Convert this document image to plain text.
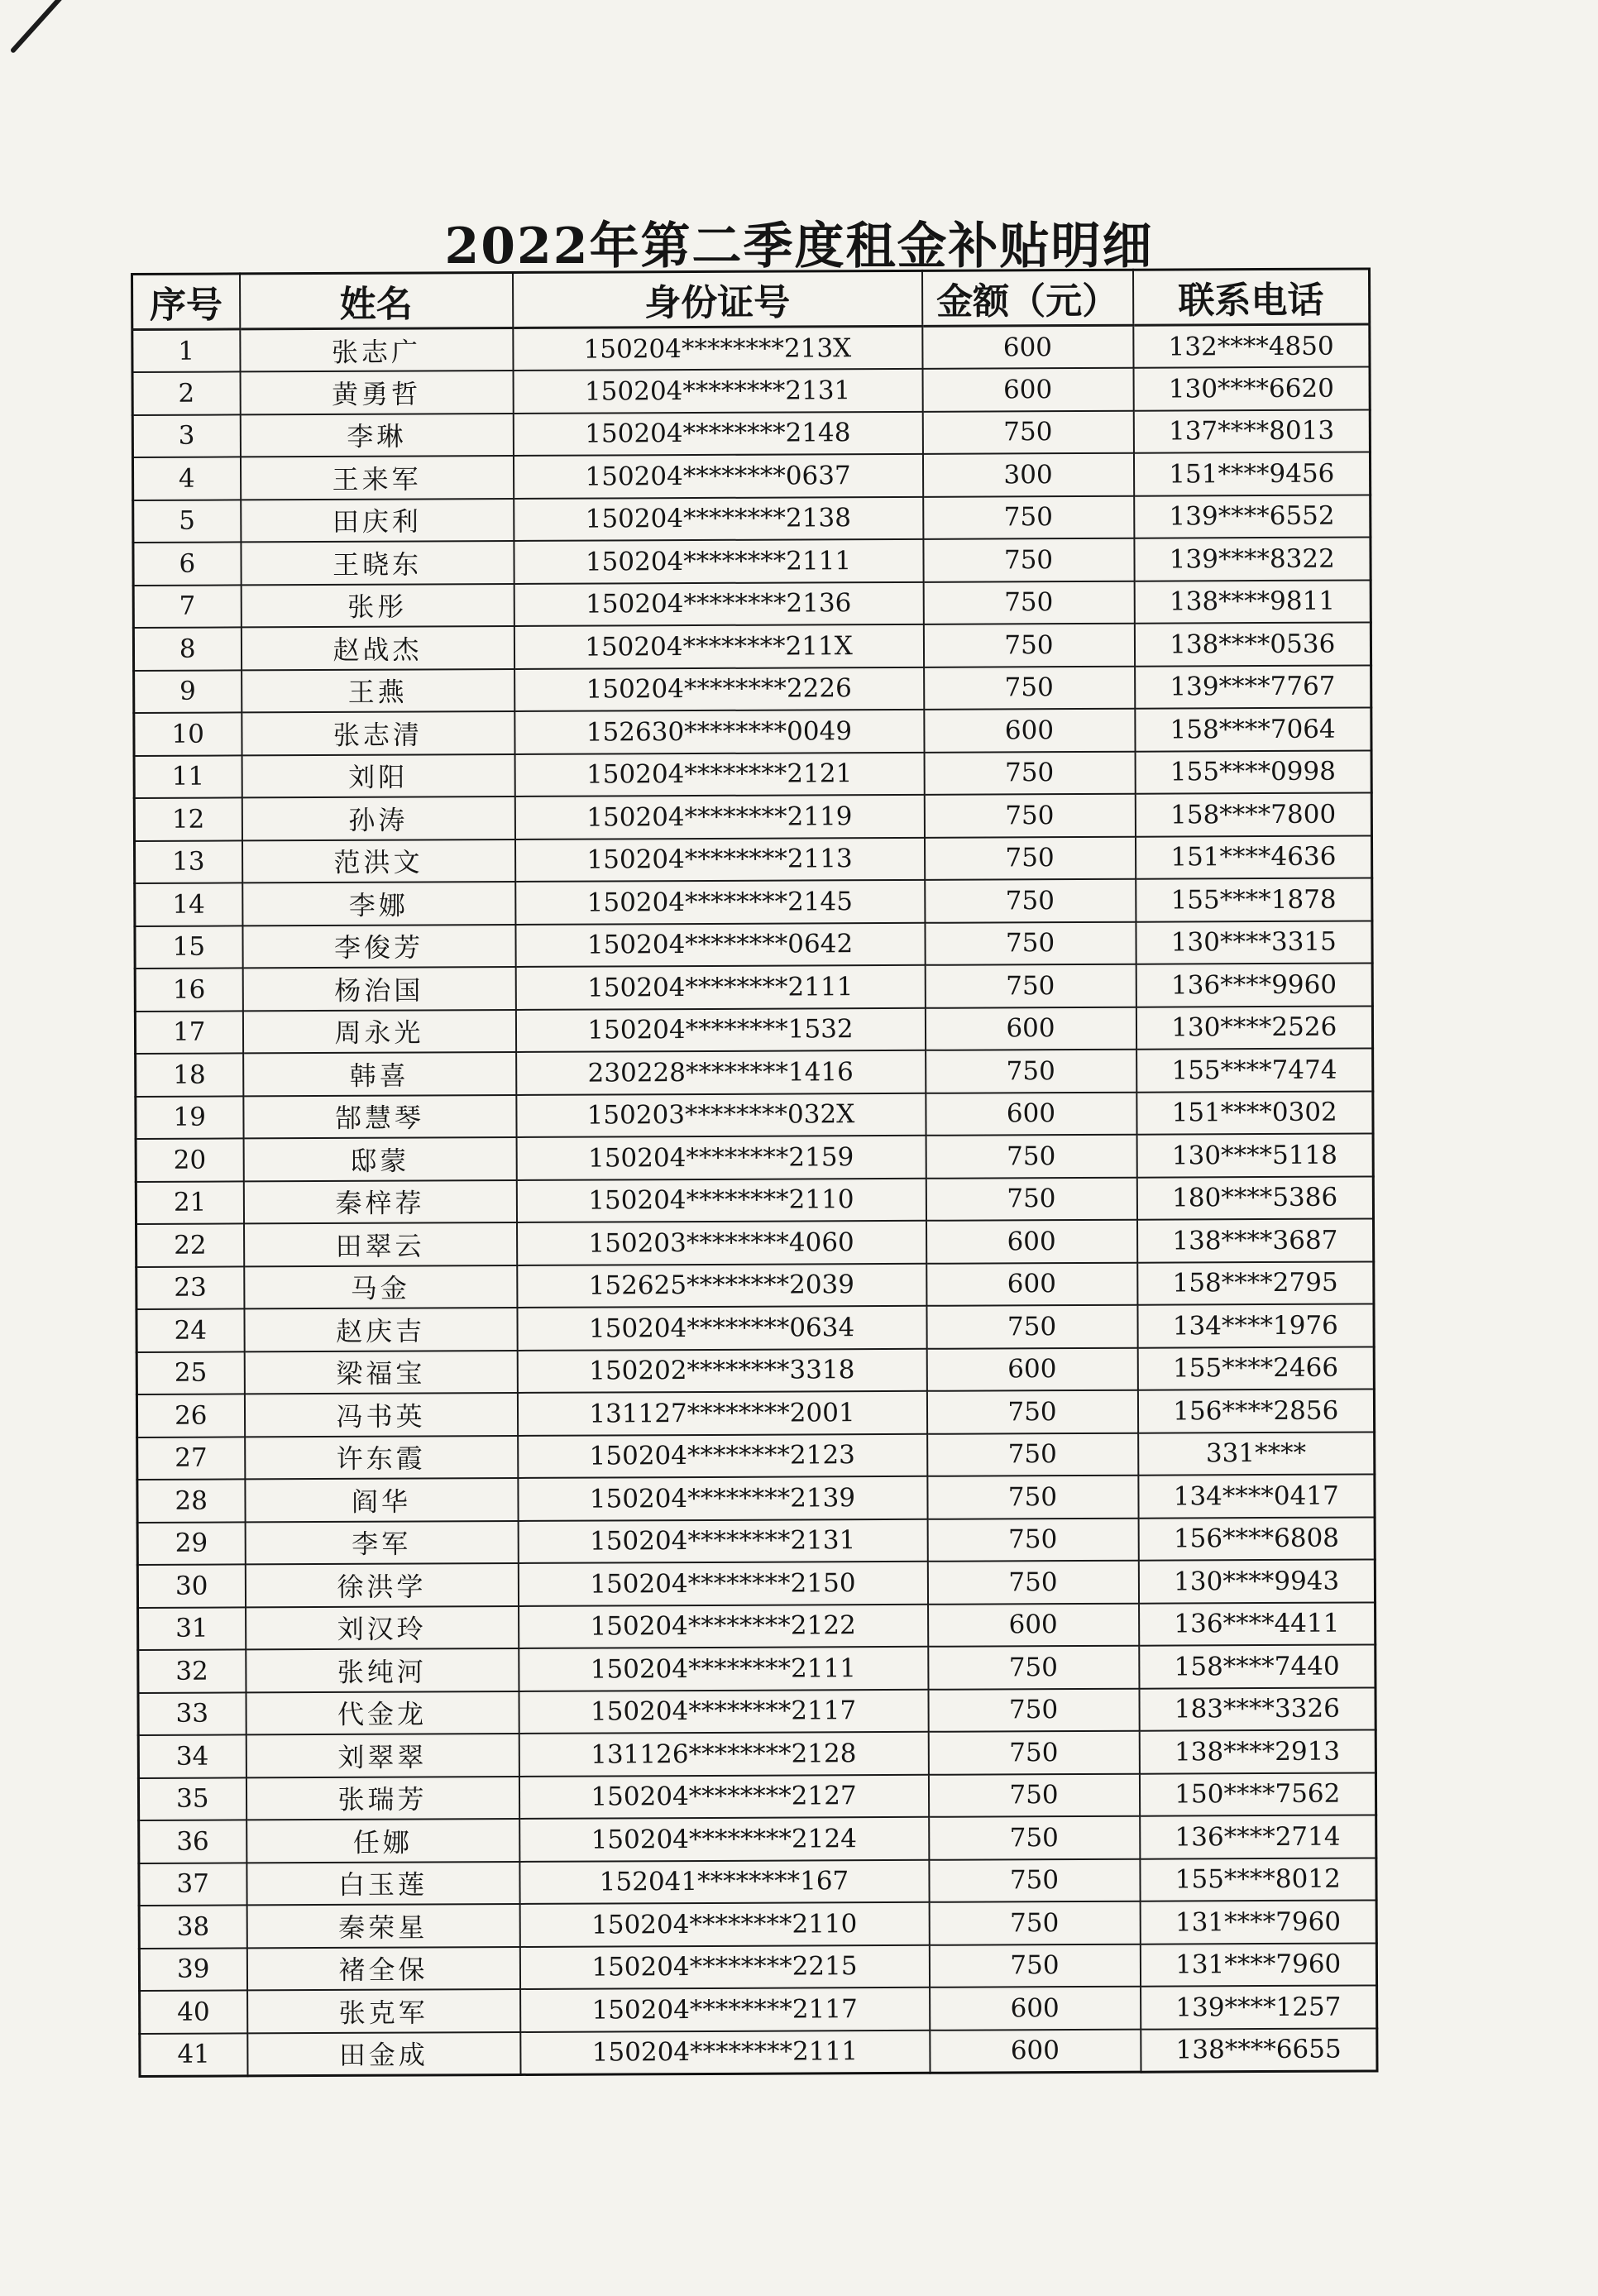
2022年第二季度租金补贴明细
序号	姓名	身份证号	金额（元）	联系电话
1	张志广	150204********213X	600	132****4850
2	黄勇哲	150204********2131	600	130****6620
3	李琳	150204********2148	750	137****8013
4	王来军	150204********0637	300	151****9456
5	田庆利	150204********2138	750	139****6552
6	王晓东	150204********2111	750	139****8322
7	张彤	150204********2136	750	138****9811
8	赵战杰	150204********211X	750	138****0536
9	王燕	150204********2226	750	139****7767
10	张志清	152630********0049	600	158****7064
11	刘阳	150204********2121	750	155****0998
12	孙涛	150204********2119	750	158****7800
13	范洪文	150204********2113	750	151****4636
14	李娜	150204********2145	750	155****1878
15	李俊芳	150204********0642	750	130****3315
16	杨治国	150204********2111	750	136****9960
17	周永光	150204********1532	600	130****2526
18	韩喜	230228********1416	750	155****7474
19	郜慧琴	150203********032X	600	151****0302
20	邸蒙	150204********2159	750	130****5118
21	秦梓荐	150204********2110	750	180****5386
22	田翠云	150203********4060	600	138****3687
23	马金	152625********2039	600	158****2795
24	赵庆吉	150204********0634	750	134****1976
25	梁福宝	150202********3318	600	155****2466
26	冯书英	131127********2001	750	156****2856
27	许东霞	150204********2123	750	331****
28	阎华	150204********2139	750	134****0417
29	李军	150204********2131	750	156****6808
30	徐洪学	150204********2150	750	130****9943
31	刘汉玲	150204********2122	600	136****4411
32	张纯河	150204********2111	750	158****7440
33	代金龙	150204********2117	750	183****3326
34	刘翠翠	131126********2128	750	138****2913
35	张瑞芳	150204********2127	750	150****7562
36	任娜	150204********2124	750	136****2714
37	白玉莲	152041********167	750	155****8012
38	秦荣星	150204********2110	750	131****7960
39	褚全保	150204********2215	750	131****7960
40	张克军	150204********2117	600	139****1257
41	田金成	150204********2111	600	138****6655
